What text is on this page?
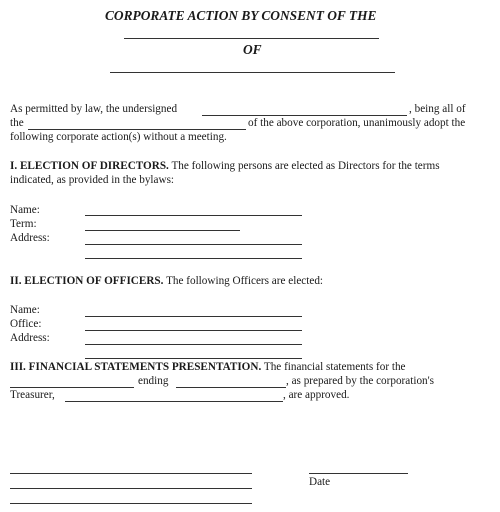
CORPORATE ACTION BY CONSENT OF THE
OF
As permitted by law, the undersigned	, being all of
the	of the above corporation, unanimously adopt the
following corporate action(s) without a meeting.
I. ELECTION OF DIRECTORS. The following persons are elected as Directors for the terms
indicated, as provided in the bylaws:
Name:
Term:
Address:
II. ELECTION OF OFFICERS. The following Officers are elected:
Name:
Office:
Address:
III. FINANCIAL STATEMENTS PRESENTATION. The financial statements for the
ending	, as prepared by the corporation's
Treasurer,	, are approved.
Date
